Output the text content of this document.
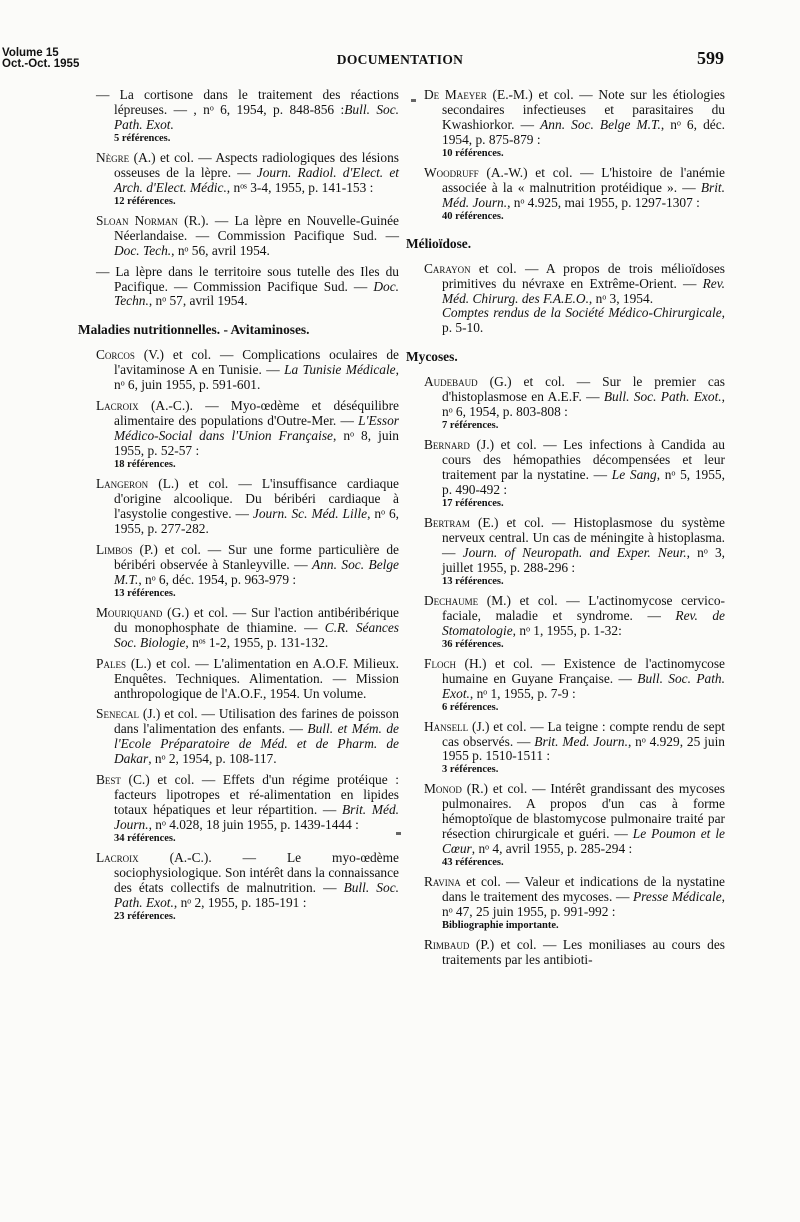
Volume 15
Oct.-Oct. 1955	DOCUMENTATION	599
— La cortisone dans le traitement des réactions lépreuses. — , nᵒ 6, 1954, p. 848-856 :Bull. Soc. Path. Exot.
5 références.
Nègre (A.) et col. — Aspects radiologiques des lésions osseuses de la lèpre. — Journ. Radiol. d'Elect. et Arch. d'Elect. Médic., nᵒˢ 3-4, 1955, p. 141-153 :
12 références.
Sloan Norman (R.). — La lèpre en Nouvelle-Guinée Néerlandaise. — Commission Pacifique Sud. — Doc. Tech., nᵒ 56, avril 1954.
— La lèpre dans le territoire sous tutelle des Iles du Pacifique. — Commission Pacifique Sud. — Doc. Techn., nᵒ 57, avril 1954.
Maladies nutritionnelles. - Avitaminoses.
Corcos (V.) et col. — Complications oculaires de l'avitaminose A en Tunisie. — La Tunisie Médicale, nᵒ 6, juin 1955, p. 591-601.
Lacroix (A.-C.). — Myo-œdème et déséquilibre alimentaire des populations d'Outre-Mer. — L'Essor Médico-Social dans l'Union Française, nᵒ 8, juin 1955, p. 52-57 :
18 références.
Langeron (L.) et col. — L'insuffisance cardiaque d'origine alcoolique. Du béribéri cardiaque à l'asystolie congestive. — Journ. Sc. Méd. Lille, nᵒ 6, 1955, p. 277-282.
Limbos (P.) et col. — Sur une forme particulière de béribéri observée à Stanleyville. — Ann. Soc. Belge M.T., nᵒ 6, déc. 1954, p. 963-979 :
13 références.
Mouriquand (G.) et col. — Sur l'action antibéribérique du monophosphate de thiamine. — C.R. Séances Soc. Biologie, nᵒˢ 1-2, 1955, p. 131-132.
Pales (L.) et col. — L'alimentation en A.O.F. Milieux. Enquêtes. Techniques. Alimentation. — Mission anthropologique de l'A.O.F., 1954. Un volume.
Senecal (J.) et col. — Utilisation des farines de poisson dans l'alimentation des enfants. — Bull. et Mém. de l'Ecole Préparatoire de Méd. et de Pharm. de Dakar, nᵒ 2, 1954, p. 108-117.
Best (C.) et col. — Effets d'un régime protéique : facteurs lipotropes et ré-alimentation en lipides totaux hépatiques et leur répartition. — Brit. Méd. Journ., nᵒ 4.028, 18 juin 1955, p. 1439-1444 :
34 références.
Lacroix (A.-C.). — Le myo-œdème sociophysiologique. Son intérêt dans la connaissance des états collectifs de malnutrition. — Bull. Soc. Path. Exot., nᵒ 2, 1955, p. 185-191 :
23 références.
De Maeyer (E.-M.) et col. — Note sur les étiologies secondaires infectieuses et parasitaires du Kwashiorkor. — Ann. Soc. Belge M.T., nᵒ 6, déc. 1954, p. 875-879 :
10 références.
Woodruff (A.-W.) et col. — L'histoire de l'anémie associée à la « malnutrition protéidique ». — Brit. Méd. Journ., nᵒ 4.925, mai 1955, p. 1297-1307 :
40 références.
Mélioïdose.
Carayon et col. — A propos de trois mélioïdoses primitives du névraxe en Extrême-Orient. — Rev. Méd. Chirurg. des F.A.E.O., nᵒ 3, 1954.
Comptes rendus de la Société Médico-Chirurgicale, p. 5-10.
Mycoses.
Audebaud (G.) et col. — Sur le premier cas d'histoplasmose en A.E.F. — Bull. Soc. Path. Exot., nᵒ 6, 1954, p. 803-808 :
7 références.
Bernard (J.) et col. — Les infections à Candida au cours des hémopathies décompensées et leur traitement par la nystatine. — Le Sang, nᵒ 5, 1955, p. 490-492 :
17 références.
Bertram (E.) et col. — Histoplasmose du système nerveux central. Un cas de méningite à histoplasma. — Journ. of Neuropath. and Exper. Neur., nᵒ 3, juillet 1955, p. 288-296 :
13 références.
Dechaume (M.) et col. — L'actinomycose cervico-faciale, maladie et syndrome. — Rev. de Stomatologie, nᵒ 1, 1955, p. 1-32:
36 références.
Floch (H.) et col. — Existence de l'actinomycose humaine en Guyane Française. — Bull. Soc. Path. Exot., nᵒ 1, 1955, p. 7-9 :
6 références.
Hansell (J.) et col. — La teigne : compte rendu de sept cas observés. — Brit. Med. Journ., nᵒ 4.929, 25 juin 1955 p. 1510-1511 :
3 références.
Monod (R.) et col. — Intérêt grandissant des mycoses pulmonaires. A propos d'un cas à forme hémoptoïque de blastomycose pulmonaire traité par résection chirurgicale et guéri. — Le Poumon et le Cœur, nᵒ 4, avril 1955, p. 285-294 :
43 références.
Ravina et col. — Valeur et indications de la nystatine dans le traitement des mycoses. — Presse Médicale, nᵒ 47, 25 juin 1955, p. 991-992 :
Bibliographie importante.
Rimbaud (P.) et col. — Les moniliases au cours des traitements par les antibioti-
